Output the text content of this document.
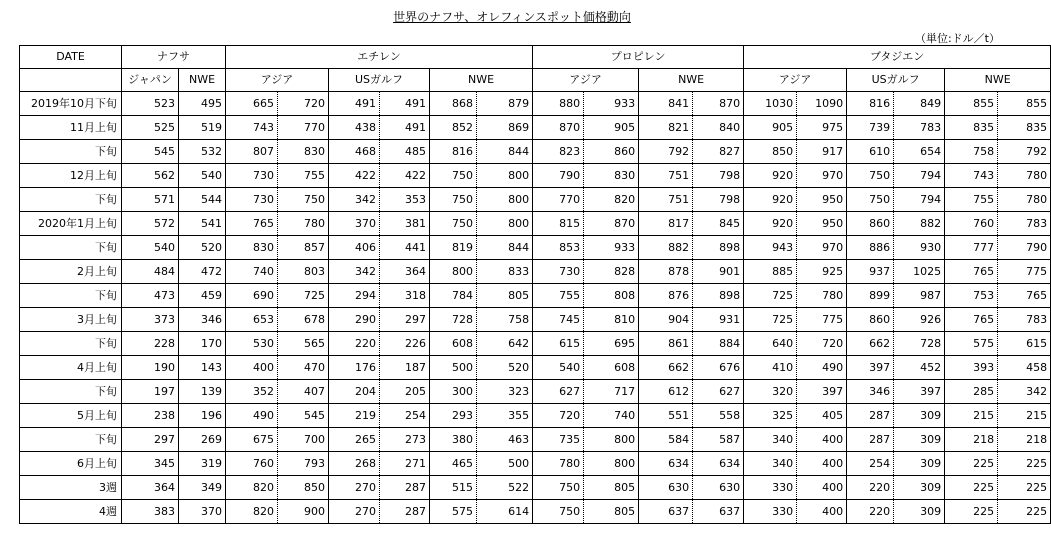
世界のナフサ、オレフィンスポット価格動向
（単位:ドル／t）
DATE	ナフサ		エチレン						プロピレン				ブタジエン					
	ジャパン	NWE	アジア		USガルフ		NWE		アジア		NWE		アジア		USガルフ		NWE	
2019年10月下旬	523	495	665	720	491	491	868	879	880	933	841	870	1030	1090	816	849	855	855
11月上旬	525	519	743	770	438	491	852	869	870	905	821	840	905	975	739	783	835	835
下旬	545	532	807	830	468	485	816	844	823	860	792	827	850	917	610	654	758	792
12月上旬	562	540	730	755	422	422	750	800	790	830	751	798	920	970	750	794	743	780
下旬	571	544	730	750	342	353	750	800	770	820	751	798	920	950	750	794	755	780
2020年1月上旬	572	541	765	780	370	381	750	800	815	870	817	845	920	950	860	882	760	783
下旬	540	520	830	857	406	441	819	844	853	933	882	898	943	970	886	930	777	790
2月上旬	484	472	740	803	342	364	800	833	730	828	878	901	885	925	937	1025	765	775
下旬	473	459	690	725	294	318	784	805	755	808	876	898	725	780	899	987	753	765
3月上旬	373	346	653	678	290	297	728	758	745	810	904	931	725	775	860	926	765	783
下旬	228	170	530	565	220	226	608	642	615	695	861	884	640	720	662	728	575	615
4月上旬	190	143	400	470	176	187	500	520	540	608	662	676	410	490	397	452	393	458
下旬	197	139	352	407	204	205	300	323	627	717	612	627	320	397	346	397	285	342
5月上旬	238	196	490	545	219	254	293	355	720	740	551	558	325	405	287	309	215	215
下旬	297	269	675	700	265	273	380	463	735	800	584	587	340	400	287	309	218	218
6月上旬	345	319	760	793	268	271	465	500	780	800	634	634	340	400	254	309	225	225
3週	364	349	820	850	270	287	515	522	750	805	630	630	330	400	220	309	225	225
4週	383	370	820	900	270	287	575	614	750	805	637	637	330	400	220	309	225	225
